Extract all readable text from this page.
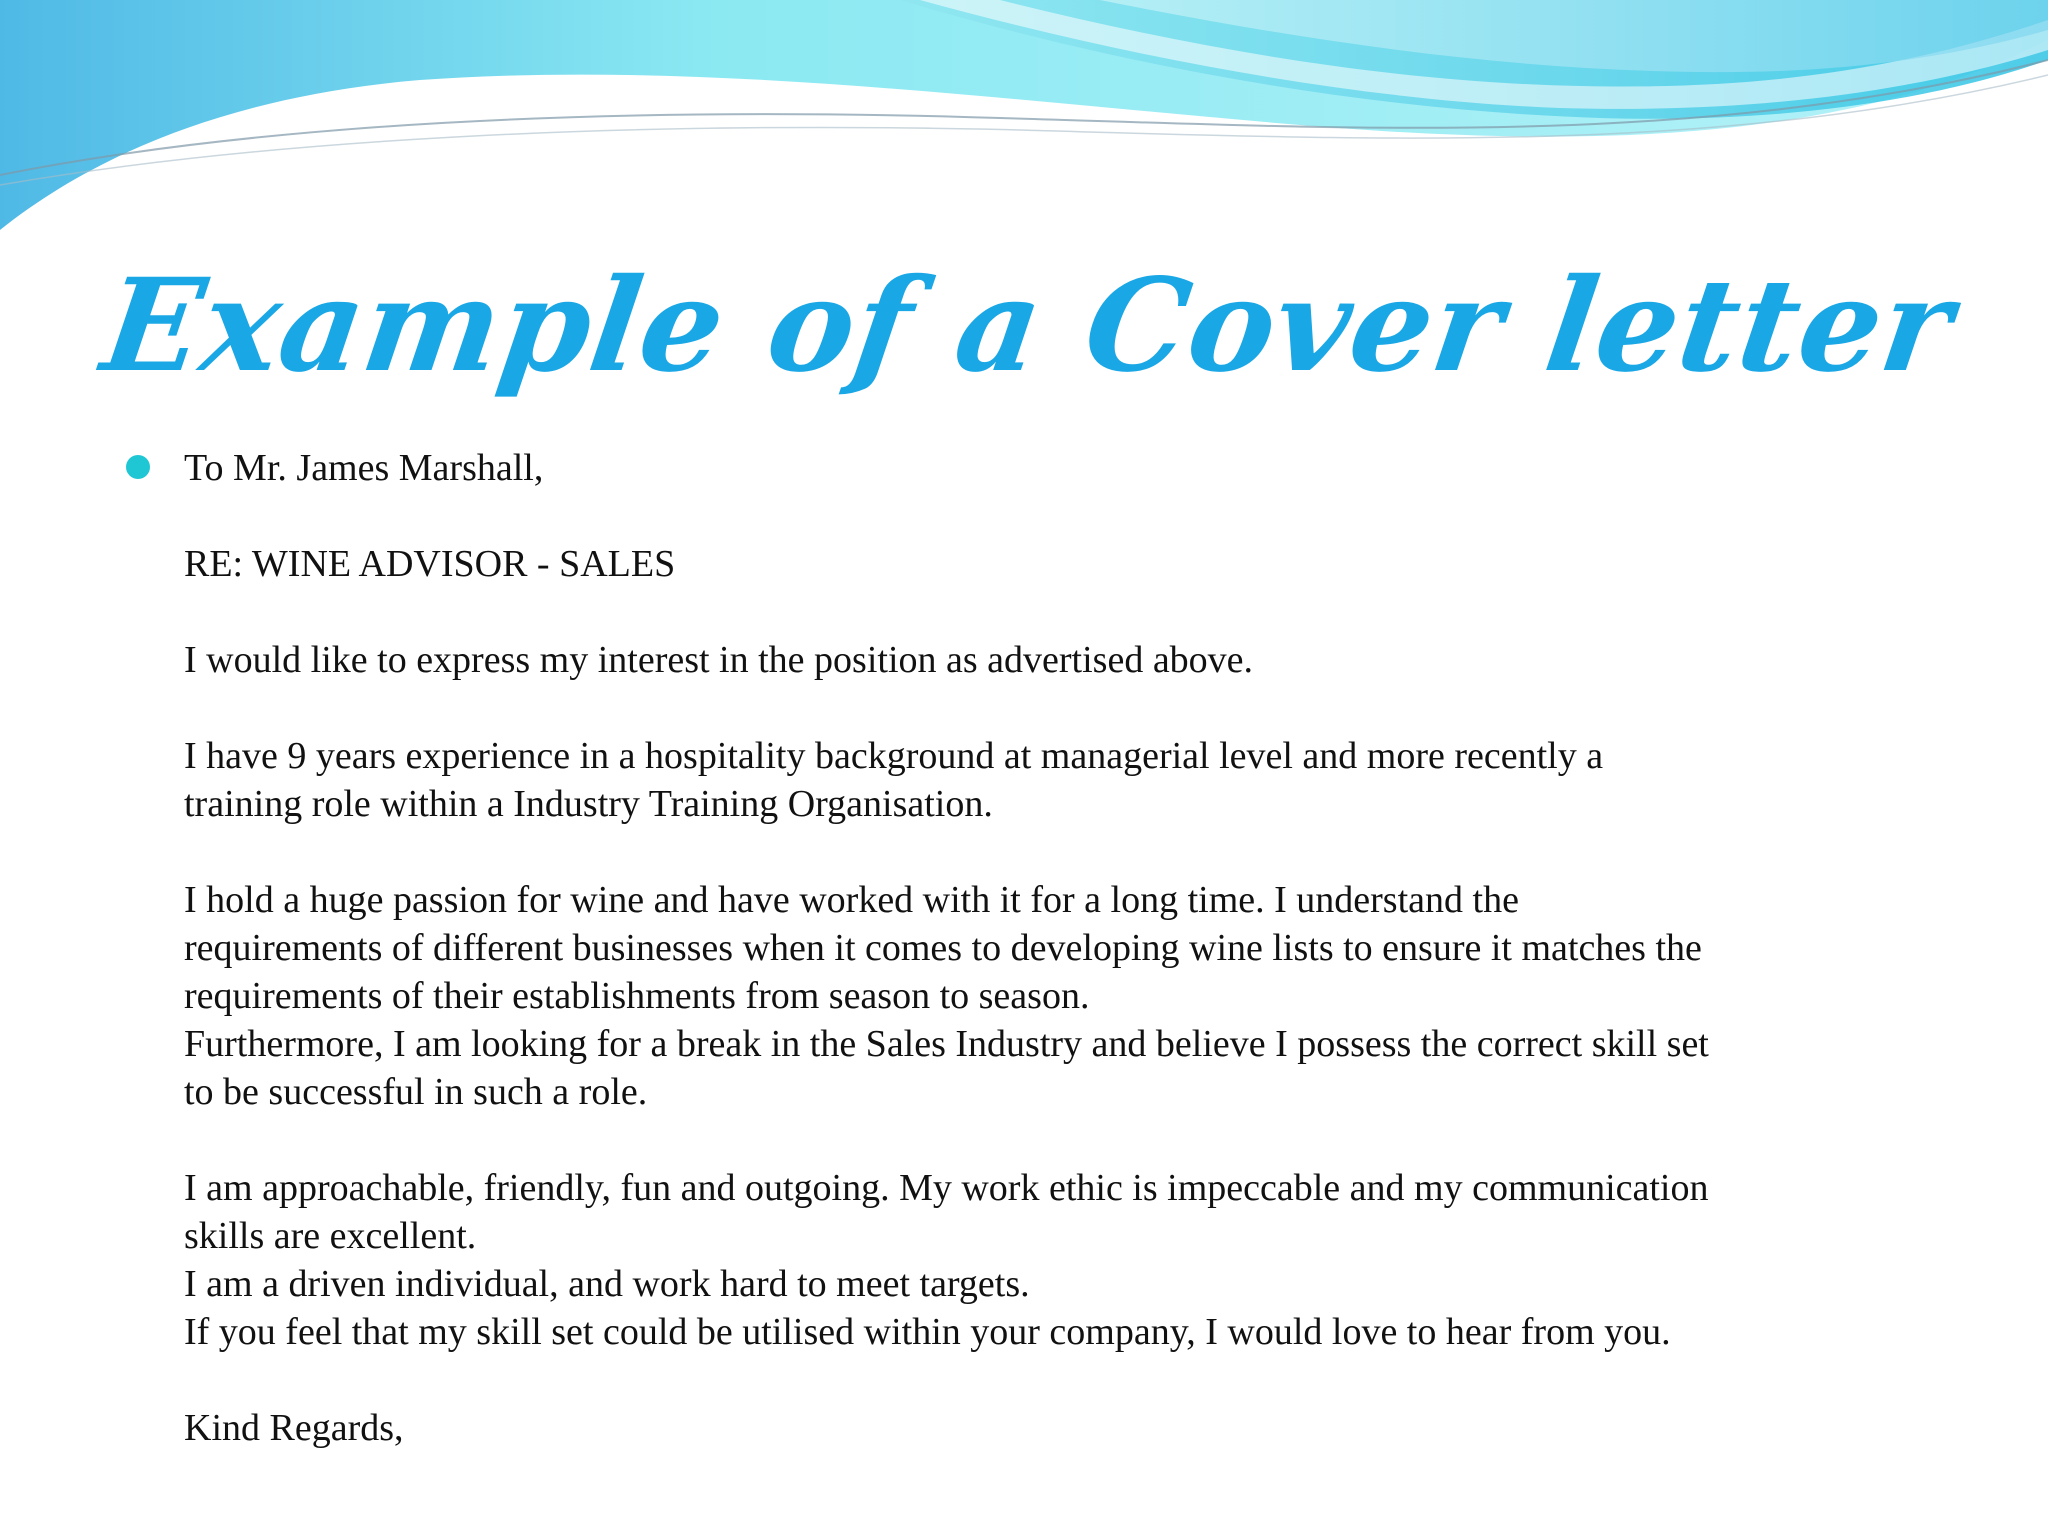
Example of a Cover letter
To Mr. James Marshall,
RE: WINE ADVISOR - SALES
I would like to express my interest in the position as advertised above.
I have 9 years experience in a hospitality background at managerial level and more recently a
training role within a Industry Training Organisation.
I hold a huge passion for wine and have worked with it for a long time. I understand the
requirements of different businesses when it comes to developing wine lists to ensure it matches the
requirements of their establishments from season to season.
Furthermore, I am looking for a break in the Sales Industry and believe I possess the correct skill set
to be successful in such a role.
I am approachable, friendly, fun and outgoing. My work ethic is impeccable and my communication
skills are excellent.
I am a driven individual, and work hard to meet targets.
If you feel that my skill set could be utilised within your company, I would love to hear from you.
Kind Regards,
